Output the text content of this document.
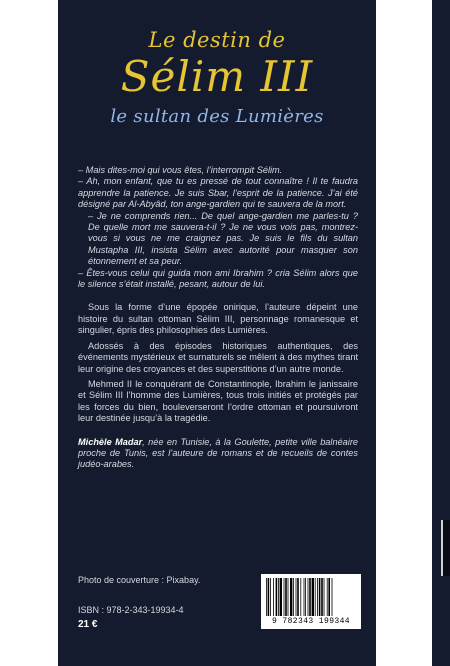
Le destin de
Sélim III
le sultan des Lumières

– Mais dites-moi qui vous êtes, l’interrompit Sélim.

– Ah, mon enfant, que tu es pressé de tout connaître ! Il te faudra apprendre la patience. Je suis Sbar, l’esprit de la patience. J’ai été désigné par Al-Abyâd, ton ange-gardien qui te sauvera de la mort.

– Je ne comprends rien... De quel ange-gardien me parles-tu ? De quelle mort me sauvera-t-il ? Je ne vous vois pas, montrez-vous si vous ne me craignez pas. Je suis le fils du sultan Mustapha III, insista Sélim avec autorité pour masquer son étonnement et sa peur.

– Êtes-vous celui qui guida mon ami Ibrahim ? cria Sélim alors que le silence s’était installé, pesant, autour de lui.

Sous la forme d’une épopée onirique, l’auteure dépeint une histoire du sultan ottoman Sélim III, personnage romanesque et singulier, épris des philosophies des Lumières.

Adossés à des épisodes historiques authentiques, des événements mystérieux et surnaturels se mêlent à des mythes tirant leur origine des croyances et des superstitions d’un autre monde.

Mehmed II le conquérant de Constantinople, Ibrahim le janissaire et Sélim III l’homme des Lumières, tous trois initiés et protégés par les forces du bien, bouleverseront l’ordre ottoman et poursuivront leur destinée jusqu’à la tragédie.

Michèle Madar, née en Tunisie, à la Goulette, petite ville balnéaire proche de Tunis, est l’auteure de romans et de recueils de contes judéo-arabes.
Photo de couverture : Pixabay.
ISBN : 978-2-343-19934-4
21 €	9 782343 199344
